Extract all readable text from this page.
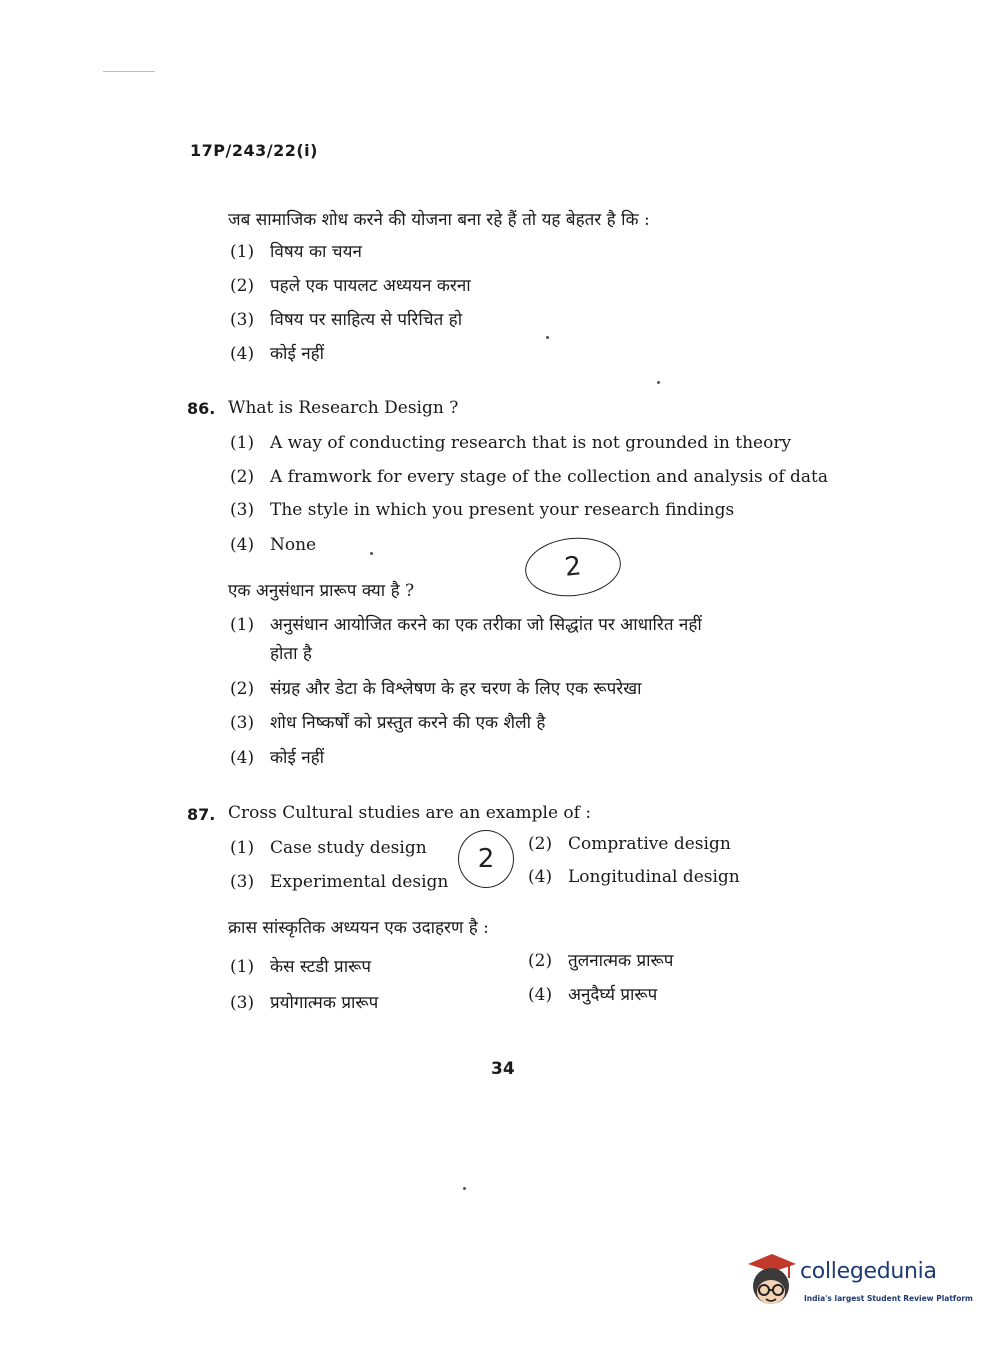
17P/243/22(i)
जब सामाजिक शोध करने की योजना बना रहे हैं तो यह बेहतर है कि :
(1) विषय का चयन
(2) पहले एक पायलट अध्ययन करना
(3) विषय पर साहित्य से परिचित हो
(4) कोई नहीं
86. What is Research Design ?
(1) A way of conducting research that is not grounded in theory
(2) A framwork for every stage of the collection and analysis of data
(3) The style in which you present your research findings
(4) None
2
एक अनुसंधान प्रारूप क्या है ?
(1) अनुसंधान आयोजित करने का एक तरीका जो सिद्धांत पर आधारित नहीं
होता है
(2) संग्रह और डेटा के विश्लेषण के हर चरण के लिए एक रूपरेखा
(3) शोध निष्कर्षों को प्रस्तुत करने की एक शैली है
(4) कोई नहीं
87. Cross Cultural studies are an example of :
(1) Case study design	(2) Comprative design
(3) Experimental design	(4) Longitudinal design
2
क्रास सांस्कृतिक अध्ययन एक उदाहरण है :
(1) केस स्टडी प्रारूप	(2) तुलनात्मक प्रारूप
(3) प्रयोगात्मक प्रारूप	(4) अनुदैर्घ्य प्रारूप
34
collegedunia
India's largest Student Review Platform
